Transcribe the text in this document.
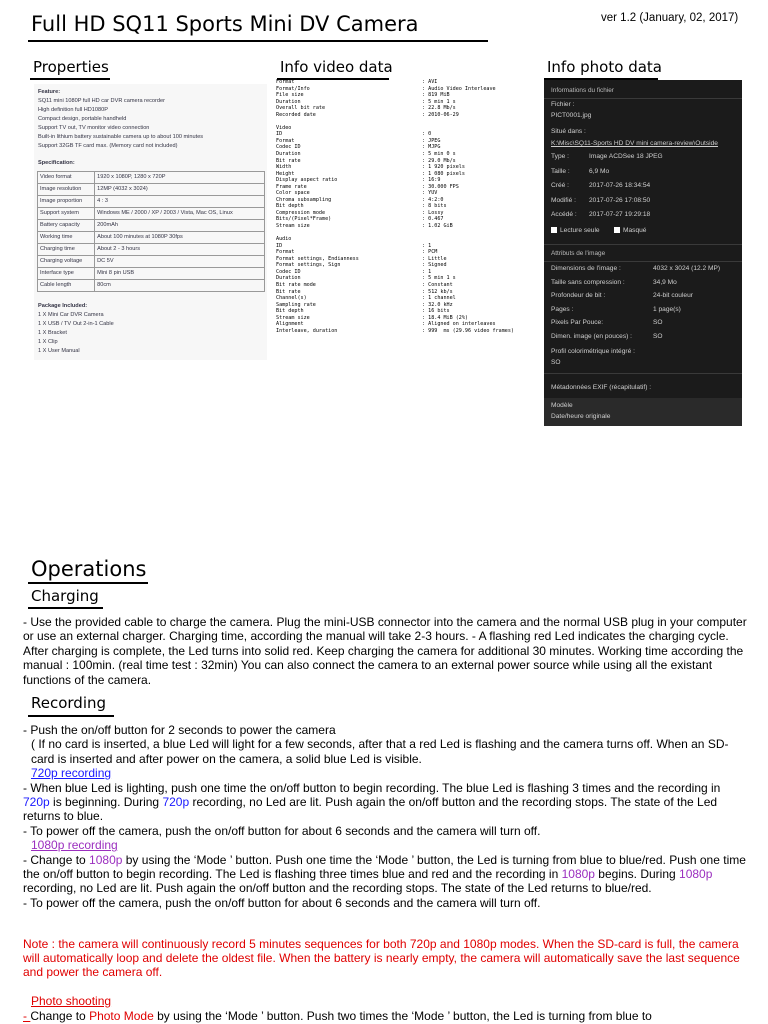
Full HD SQ11 Sports Mini DV Camera	ver 1.2 (January, 02, 2017)
Properties	Info video data	Info photo data
Feature:
SQ11 mini 1080P full HD car DVR camera recorder
High definition full HD1080P
Compact design, portable handheld
Support TV out, TV monitor video connection
Built-in lithium battery sustainable camera up to about 100 minutes
Support 32GB TF card max. (Memory card not included)
Specification:
Video format	1920 x 1080P, 1280 x 720P
Image resolution	12MP (4032 x 3024)
Image proportion	4 : 3
Support system	Windows ME / 2000 / XP / 2003 / Vista, Mac OS, Linux
Battery capacity	200mAh
Working time	About 100 minutes at 1080P 30fps
Charging time	About 2 - 3 hours
Charging voltage	DC 5V
Interface type	Mini 8 pin USB
Cable length	80cm
Package Included:
1 X Mini Car DVR Camera
1 X USB / TV Out 2-in-1 Cable
1 X Bracket
1 X Clip
1 X User Manual
Format	: AVI
Format/Info	: Audio Video Interleave
File size	: 819 MiB
Duration	: 5 min 1 s
Overall bit rate	: 22.8 Mb/s
Recorded date	: 2010-06-29
Video
ID	: 0
Format	: JPEG
Codec ID	: MJPG
Duration	: 5 min 0 s
Bit rate	: 29.0 Mb/s
Width	: 1 920 pixels
Height	: 1 080 pixels
Display aspect ratio	: 16:9
Frame rate	: 30.000 FPS
Color space	: YUV
Chroma subsampling	: 4:2:0
Bit depth	: 8 bits
Compression mode	: Lossy
Bits/(Pixel*Frame)	: 0.467
Stream size	: 1.02 GiB
Audio
ID	: 1
Format	: PCM
Format settings, Endianness	: Little
Format settings, Sign	: Signed
Codec ID	: 1
Duration	: 5 min 1 s
Bit rate mode	: Constant
Bit rate	: 512 kb/s
Channel(s)	: 1 channel
Sampling rate	: 32.0 kHz
Bit depth	: 16 bits
Stream size	: 18.4 MiB (2%)
Alignment	: Aligned on interleaves
Interleave, duration	: 999  ms (29.96 video frames)
Informations du fichier
Fichier :
PICT0001.jpg
Situé dans :
K:\Misc\SQ11-Sports HD DV mini camera-review\Outside
Type :	Image ACDSee 18 JPEG
Taille :	6,9 Mo
Créé :	2017-07-26 18:34:54
Modifié : 2017-07-26 17:08:50
Accédé : 2017-07-27 19:29:18
Lecture seule	Masqué
Attributs de l'image
Dimensions de l'image :	4032 x 3024 (12.2 MP)
Taille sans compression :	34,9 Mo
Profondeur de bit :	24-bit couleur
Pages :	1 page(s)
Pixels Par Pouce:	SO
Dimen. image (en pouces) :	SO
Profil colorimétrique intégré :
SO
Métadonnées EXIF (récapitulatif) :
Modèle
Date/heure originale
Operations
Charging
- Use the provided cable to charge the camera. Plug the mini-USB connector into the camera and the normal USB plug in your computer or use an external charger. Charging time, according the manual will take 2-3 hours. - A flashing red Led indicates the charging cycle. After charging is complete, the Led turns into solid red. Keep charging the camera for additional 30 minutes. Working time according the manual : 100min. (real time test : 32min) You can also connect the camera to an external power source while using all the existant functions of the camera.
Recording
- Push the on/off button for 2 seconds to power the camera
( If no card is inserted, a blue Led will light for a few seconds, after that a red Led is flashing and the camera turns off. When an SD-card is inserted and after power on the camera, a solid blue Led is visible.
720p recording
- When blue Led is lighting, push one time the on/off button to begin recording. The blue Led is flashing 3 times and the recording in 720p is beginning. During 720p recording, no Led are lit. Push again the on/off button and the recording stops. The state of the Led returns to blue.
- To power off the camera, push the on/off button for about 6 seconds and the camera will turn off.
1080p recording
- Change to 1080p by using the ‘Mode ’ button. Push one time the ‘Mode ’ button, the Led is turning from blue to blue/red. Push one time the on/off button to begin recording. The Led is flashing three times blue and red and the recording in 1080p begins. During 1080p recording, no Led are lit. Push again the on/off button and the recording stops. The state of the Led returns to blue/red.
- To power off the camera, push the on/off button for about 6 seconds and the camera will turn off.
Note : the camera will continuously record 5 minutes sequences for both 720p and 1080p modes. When the SD-card is full, the camera will automatically loop and delete the oldest file. When the battery is nearly empty, the camera will automatically save the last sequence and power the camera off.
Photo shooting
- Change to Photo Mode by using the ‘Mode ’ button. Push two times the ‘Mode ’ button, the Led is turning from blue to
